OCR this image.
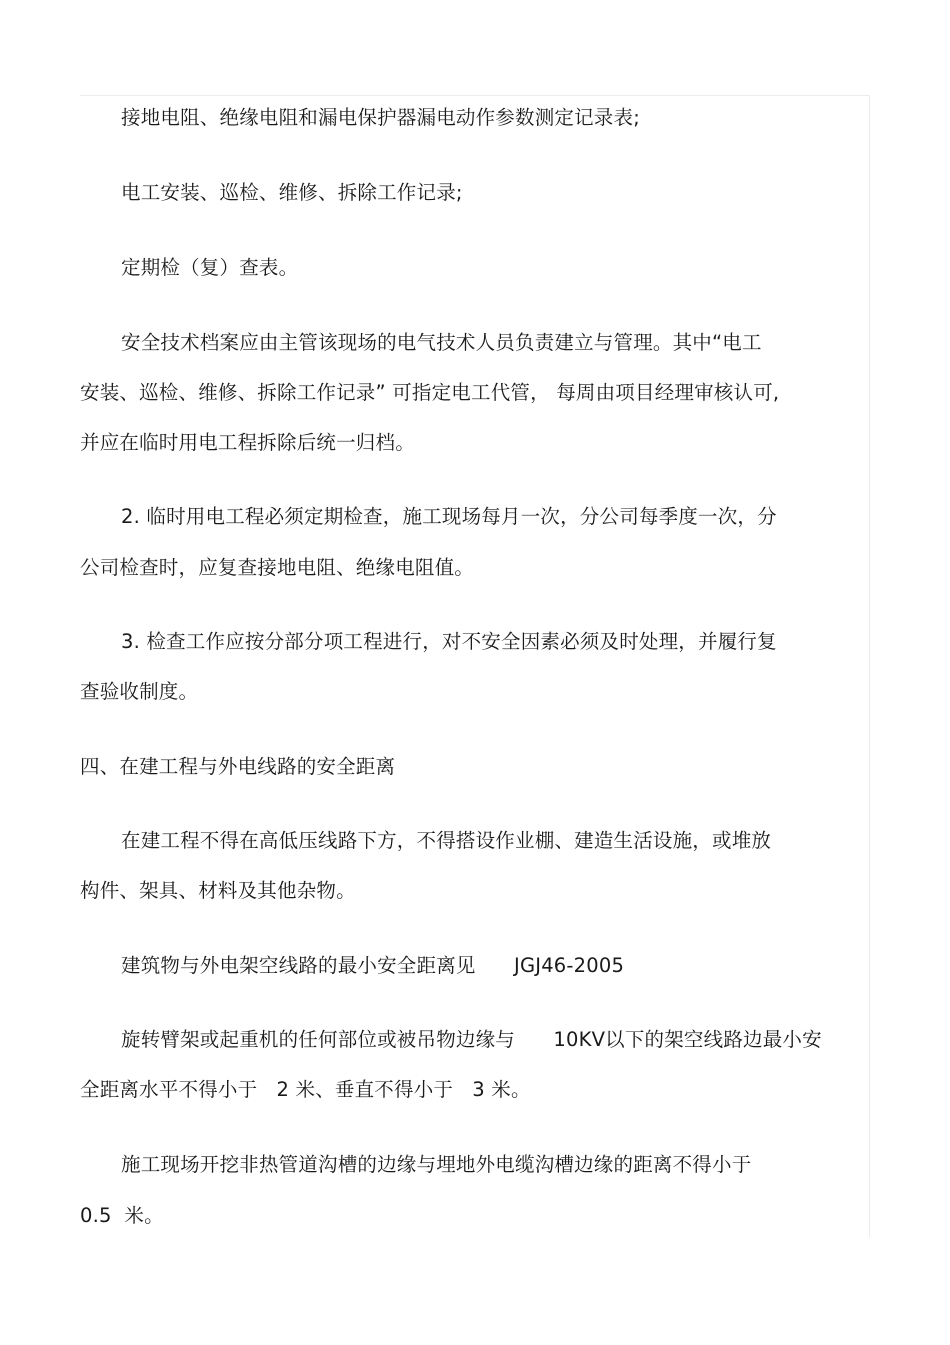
接地电阻、绝缘电阻和漏电保护器漏电动作参数测定记录表;
电工安装、巡检、维修、拆除工作记录;
定期检（复）查表。
安全技术档案应由主管该现场的电气技术人员负责建立与管理。其中“电工
安装、巡检、维修、拆除工作记录” 可指定电工代管， 每周由项目经理审核认可,
并应在临时用电工程拆除后统一归档。
2. 临时用电工程必须定期检查，施工现场每月一次，分公司每季度一次，分
公司检查时，应复查接地电阻、绝缘电阻值。
3. 检查工作应按分部分项工程进行，对不安全因素必须及时处理，并履行复
查验收制度。
四、在建工程与外电线路的安全距离
在建工程不得在高低压线路下方，不得搭设作业棚、建造生活设施，或堆放
构件、架具、材料及其他杂物。
建筑物与外电架空线路的最小安全距离见      JGJ46-2005
旋转臂架或起重机的任何部位或被吊物边缘与      10KV以下的架空线路边最小安
全距离水平不得小于   2 米、垂直不得小于   3 米。
施工现场开挖非热管道沟槽的边缘与埋地外电缆沟槽边缘的距离不得小于
0.5  米。
